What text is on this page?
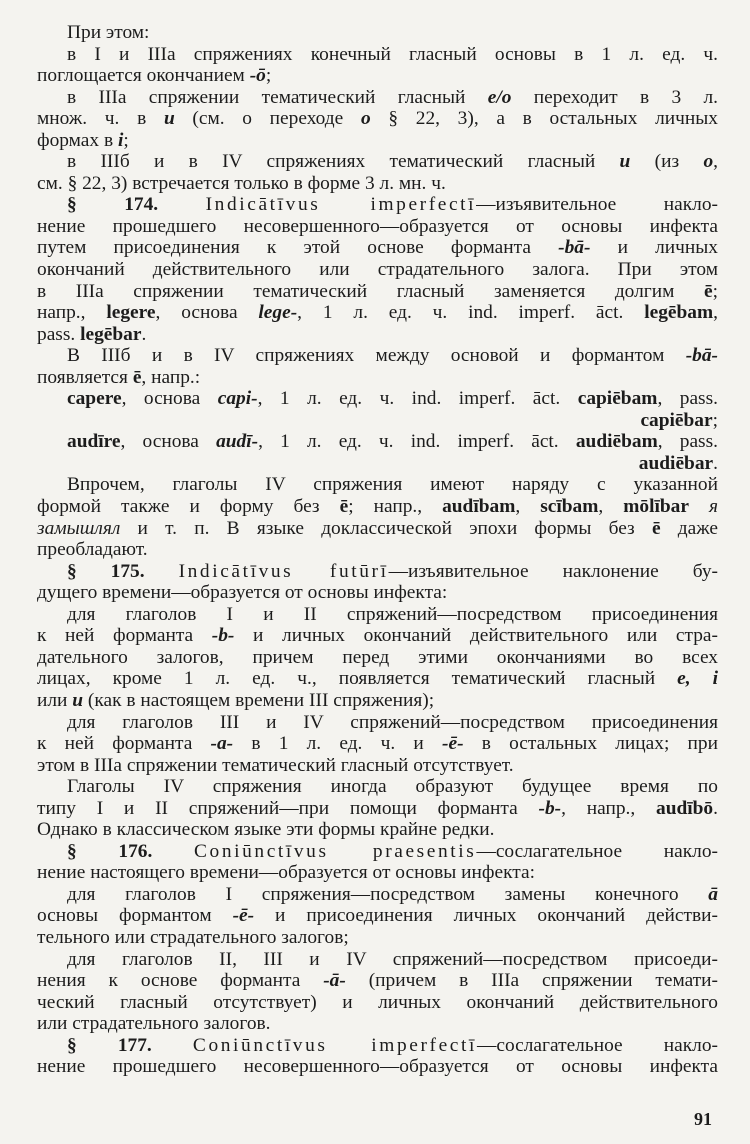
При этом:
в I и IIIа спряжениях конечный гласный основы в 1 л. ед. ч.
поглощается окончанием -ō;
в IIIа спряжении тематический гласный e/o переходит в 3 л.
множ. ч. в u (см. о переходе o § 22, 3), а в остальных личных
формах в i;
в IIIб и в IV спряжениях тематический гласный u (из o,
см. § 22, 3) встречается только в форме 3 л. мн. ч.
§ 174. Indicātīvus imperfectī—изъявительное накло-
нение прошедшего несовершенного—образуется от основы инфекта
путем присоединения к этой основе форманта -bā- и личных
окончаний действительного или страдательного залога. При этом
в IIIа спряжении тематический гласный заменяется долгим ē;
напр., legere, основа lege-, 1 л. ед. ч. ind. imperf. āct. legēbam,
pass. legēbar.
В IIIб и в IV спряжениях между основой и формантом -bā-
появляется ē, напр.:
capere, основа capi-, 1 л. ед. ч. ind. imperf. āct. capiēbam, pass.
capiēbar;
audīre, основа audī-, 1 л. ед. ч. ind. imperf. āct. audiēbam, pass.
audiēbar.
Впрочем, глаголы IV спряжения имеют наряду с указанной
формой также и форму без ē; напр., audībam, scībam, mōlībar я
замышлял и т. п. В языке доклассической эпохи формы без ē даже
преобладают.
§ 175. Indicātīvus futūrī—изъявительное наклонение бу-
дущего времени—образуется от основы инфекта:
для глаголов I и II спряжений—посредством присоединения
к ней форманта -b- и личных окончаний действительного или стра-
дательного залогов, причем перед этими окончаниями во всех
лицах, кроме 1 л. ед. ч., появляется тематический гласный e, i
или u (как в настоящем времени III спряжения);
для глаголов III и IV спряжений—посредством присоединения
к ней форманта -a- в 1 л. ед. ч. и -ē- в остальных лицах; при
этом в IIIа спряжении тематический гласный отсутствует.
Глаголы IV спряжения иногда образуют будущее время по
типу I и II спряжений—при помощи форманта -b-, напр., audībō.
Однако в классическом языке эти формы крайне редки.
§ 176. Coniūnctīvus praesentis—сослагательное накло-
нение настоящего времени—образуется от основы инфекта:
для глаголов I спряжения—посредством замены конечного ā
основы формантом -ē- и присоединения личных окончаний действи-
тельного или страдательного залогов;
для глаголов II, III и IV спряжений—посредством присоеди-
нения к основе форманта -ā- (причем в IIIа спряжении темати-
ческий гласный отсутствует) и личных окончаний действительного
или страдательного залогов.
§ 177. Coniūnctīvus imperfectī—сослагательное накло-
нение прошедшего несовершенного—образуется от основы инфекта
91
